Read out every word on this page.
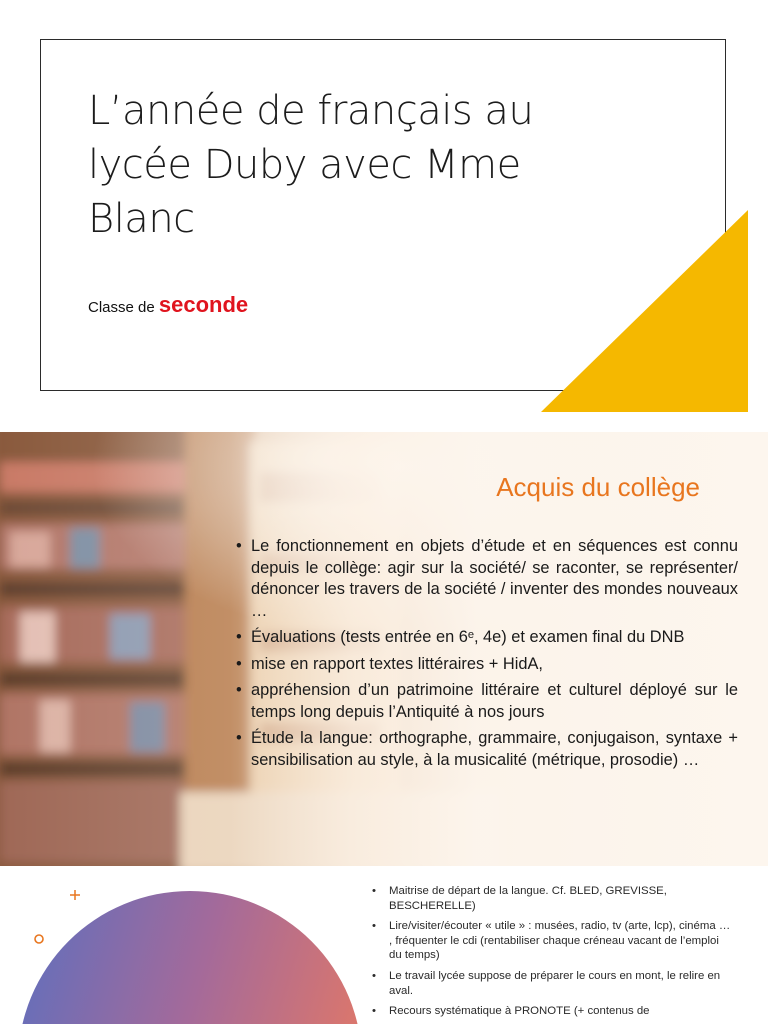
L’année de français au lycée Duby avec Mme Blanc
Classe de seconde
Acquis du collège
• Le fonctionnement en objets d’étude et en séquences est connu depuis le collège: agir sur la société/ se raconter, se représenter/ dénoncer les travers de la société / inventer des mondes nouveaux …
• Évaluations (tests entrée en 6ᵉ, 4e) et examen final du DNB
• mise en rapport textes littéraires + HidA,
• appréhension d’un patrimoine littéraire et culturel déployé sur le temps long depuis l’Antiquité à nos jours
• Étude la langue: orthographe, grammaire, conjugaison, syntaxe + sensibilisation au style, à la musicalité (métrique, prosodie) …
• Maitrise de départ de la langue. Cf. BLED, GREVISSE, BESCHERELLE)
• Lire/visiter/écouter « utile » : musées, radio, tv (arte, lcp), cinéma … , fréquenter le cdi (rentabiliser chaque créneau vacant de l’emploi du temps)
• Le travail lycée suppose de préparer le cours en mont, le relire en aval.
• Recours systématique à PRONOTE (+ contenus de
